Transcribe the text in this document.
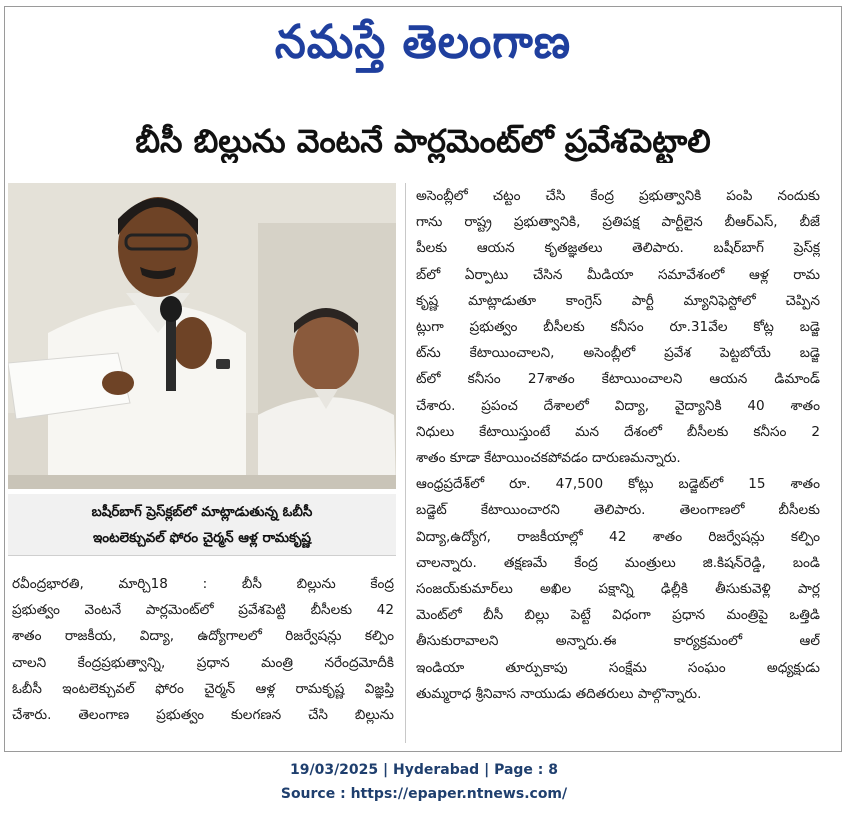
నమస్తే తెలంగాణ
బీసీ బిల్లును వెంటనే పార్లమెంట్‌లో ప్రవేశపెట్టాలి
బషీర్‌బాగ్ ప్రెస్‌క్లబ్‌లో మాట్లాడుతున్న ఓబీసీ
ఇంటలెక్చువల్ ఫోరం చైర్మన్ ఆళ్ల రామకృష్ణ
రవీంద్రభారతి, మార్చి18 : బీసీ బిల్లును కేంద్ర
ప్రభుత్వం వెంటనే పార్లమెంట్‌లో ప్రవేశపెట్టి బీసీలకు 42
శాతం రాజకీయ, విద్యా, ఉద్యోగాలలో రిజర్వేషన్లు కల్పిం
చాలని కేంద్రప్రభుత్వాన్ని, ప్రధాన మంత్రి నరేంద్రమోదీకి
ఓబీసీ ఇంటలెక్చువల్ ఫోరం చైర్మన్ ఆళ్ల రామకృష్ణ విజ్ఞప్తి
చేశారు. తెలంగాణ ప్రభుత్వం కులగణన చేసి బిల్లును
అసెంబ్లీలో చట్టం చేసి కేంద్ర ప్రభుత్వానికి పంపి నందుకు
గాను రాష్ట్ర ప్రభుత్వానికి, ప్రతిపక్ష పార్టీలైన బీఆర్‌ఎస్, బీజే
పీలకు ఆయన కృతజ్ఞతలు తెలిపారు. బషీర్‌బాగ్ ప్రెస్‌క్ల
బ్‌లో ఏర్పాటు చేసిన మీడియా సమావేశంలో ఆళ్ల రామ
కృష్ణ మాట్లాడుతూ కాంగ్రెస్ పార్టీ మ్యానిఫెస్టోలో చెప్పిన
ట్లుగా ప్రభుత్వం బీసీలకు కనీసం రూ.31వేల కోట్ల బడ్జె
ట్‌ను కేటాయించాలని, అసెంబ్లీలో ప్రవేశ పెట్టబోయే బడ్జె
ట్‌లో కనీసం 27శాతం కేటాయించాలని ఆయన డిమాండ్
చేశారు. ప్రపంచ దేశాలలో విద్యా, వైద్యానికి 40 శాతం
నిధులు కేటాయిస్తుంటే మన దేశంలో బీసీలకు కనీసం 2
శాతం కూడా కేటాయించకపోవడం దారుణమన్నారు.
ఆంధ్రప్రదేశ్‌లో రూ. 47,500 కోట్లు బడ్జెట్‌లో 15 శాతం
బడ్జెట్ కేటాయించారని తెలిపారు. తెలంగాణలో బీసీలకు
విద్యా,ఉద్యోగ, రాజకీయాల్లో 42 శాతం రిజర్వేషన్లు కల్పిం
చాలన్నారు. తక్షణమే కేంద్ర మంత్రులు జి.కిషన్‌రెడ్డి, బండి
సంజయ్‌కుమార్‌లు అఖిల పక్షాన్ని ఢిల్లీకి తీసుకువెళ్లి పార్ల
మెంట్‌లో బీసీ బిల్లు పెట్టే విధంగా ప్రధాన మంత్రిపై ఒత్తిడి
తీసుకురావాలని అన్నారు.ఈ కార్యక్రమంలో ఆల్
ఇండియా తూర్పుకాపు సంక్షేమ సంఘం అధ్యక్షుడు
తుమ్మరాధ శ్రీనివాస నాయుడు తదితరులు పాల్గొన్నారు.
19/03/2025 | Hyderabad | Page : 8
Source : https://epaper.ntnews.com/
